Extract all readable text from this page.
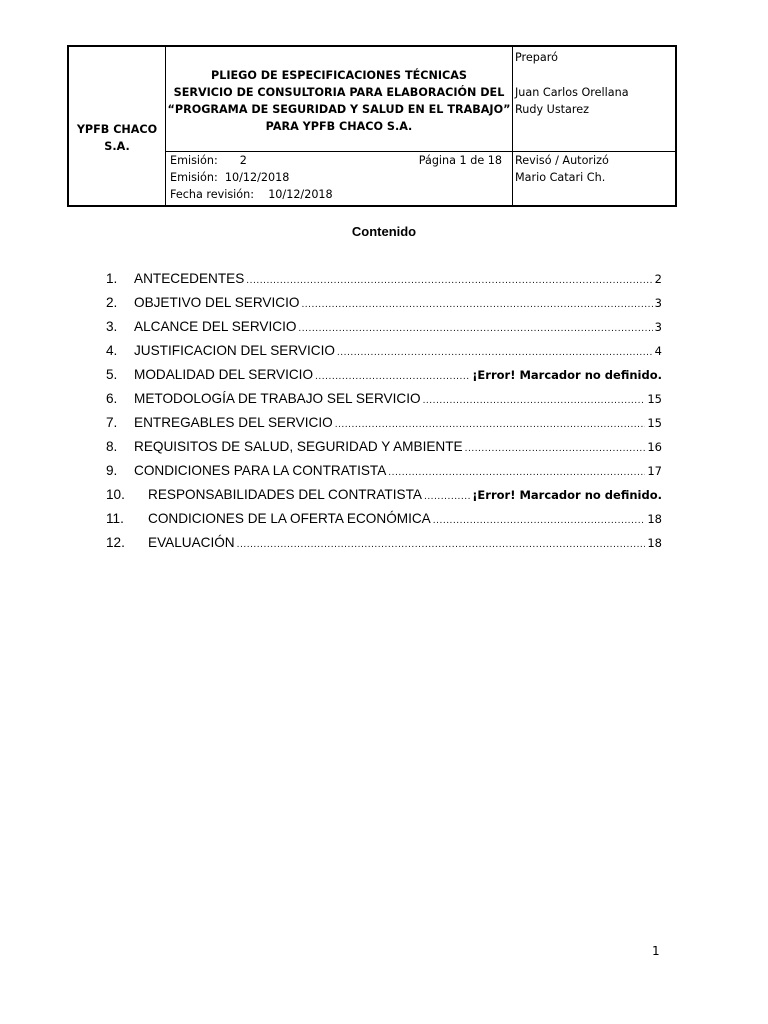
YPFB CHACO
S.A.
PLIEGO DE ESPECIFICACIONES TÉCNICAS
SERVICIO DE CONSULTORIA PARA ELABORACIÓN DEL
“PROGRAMA DE SEGURIDAD Y SALUD EN EL TRABAJO”
PARA YPFB CHACO S.A.
Preparó
Juan Carlos Orellana
Rudy Ustarez
Emisión: 2	Página 1 de 18
Emisión:  10/12/2018
Fecha revisión:    10/12/2018
Revisó / Autorizó
Mario Catari Ch.
Contenido
1.	ANTECEDENTES .....	2
2.	OBJETIVO DEL SERVICIO .....	3
3.	ALCANCE DEL SERVICIO .....	3
4.	JUSTIFICACION DEL SERVICIO .....	4
5.	MODALIDAD DEL SERVICIO .....	¡Error! Marcador no definido.
6.	METODOLOGÍA DE TRABAJO SEL SERVICIO .....	15
7.	ENTREGABLES DEL SERVICIO .....	15
8.	REQUISITOS DE SALUD, SEGURIDAD Y AMBIENTE .....	16
9.	CONDICIONES PARA LA CONTRATISTA .....	17
10.	RESPONSABILIDADES DEL CONTRATISTA .....	¡Error! Marcador no definido.
11.	CONDICIONES DE LA OFERTA ECONÓMICA .....	18
12.	EVALUACIÓN .....	18
1
